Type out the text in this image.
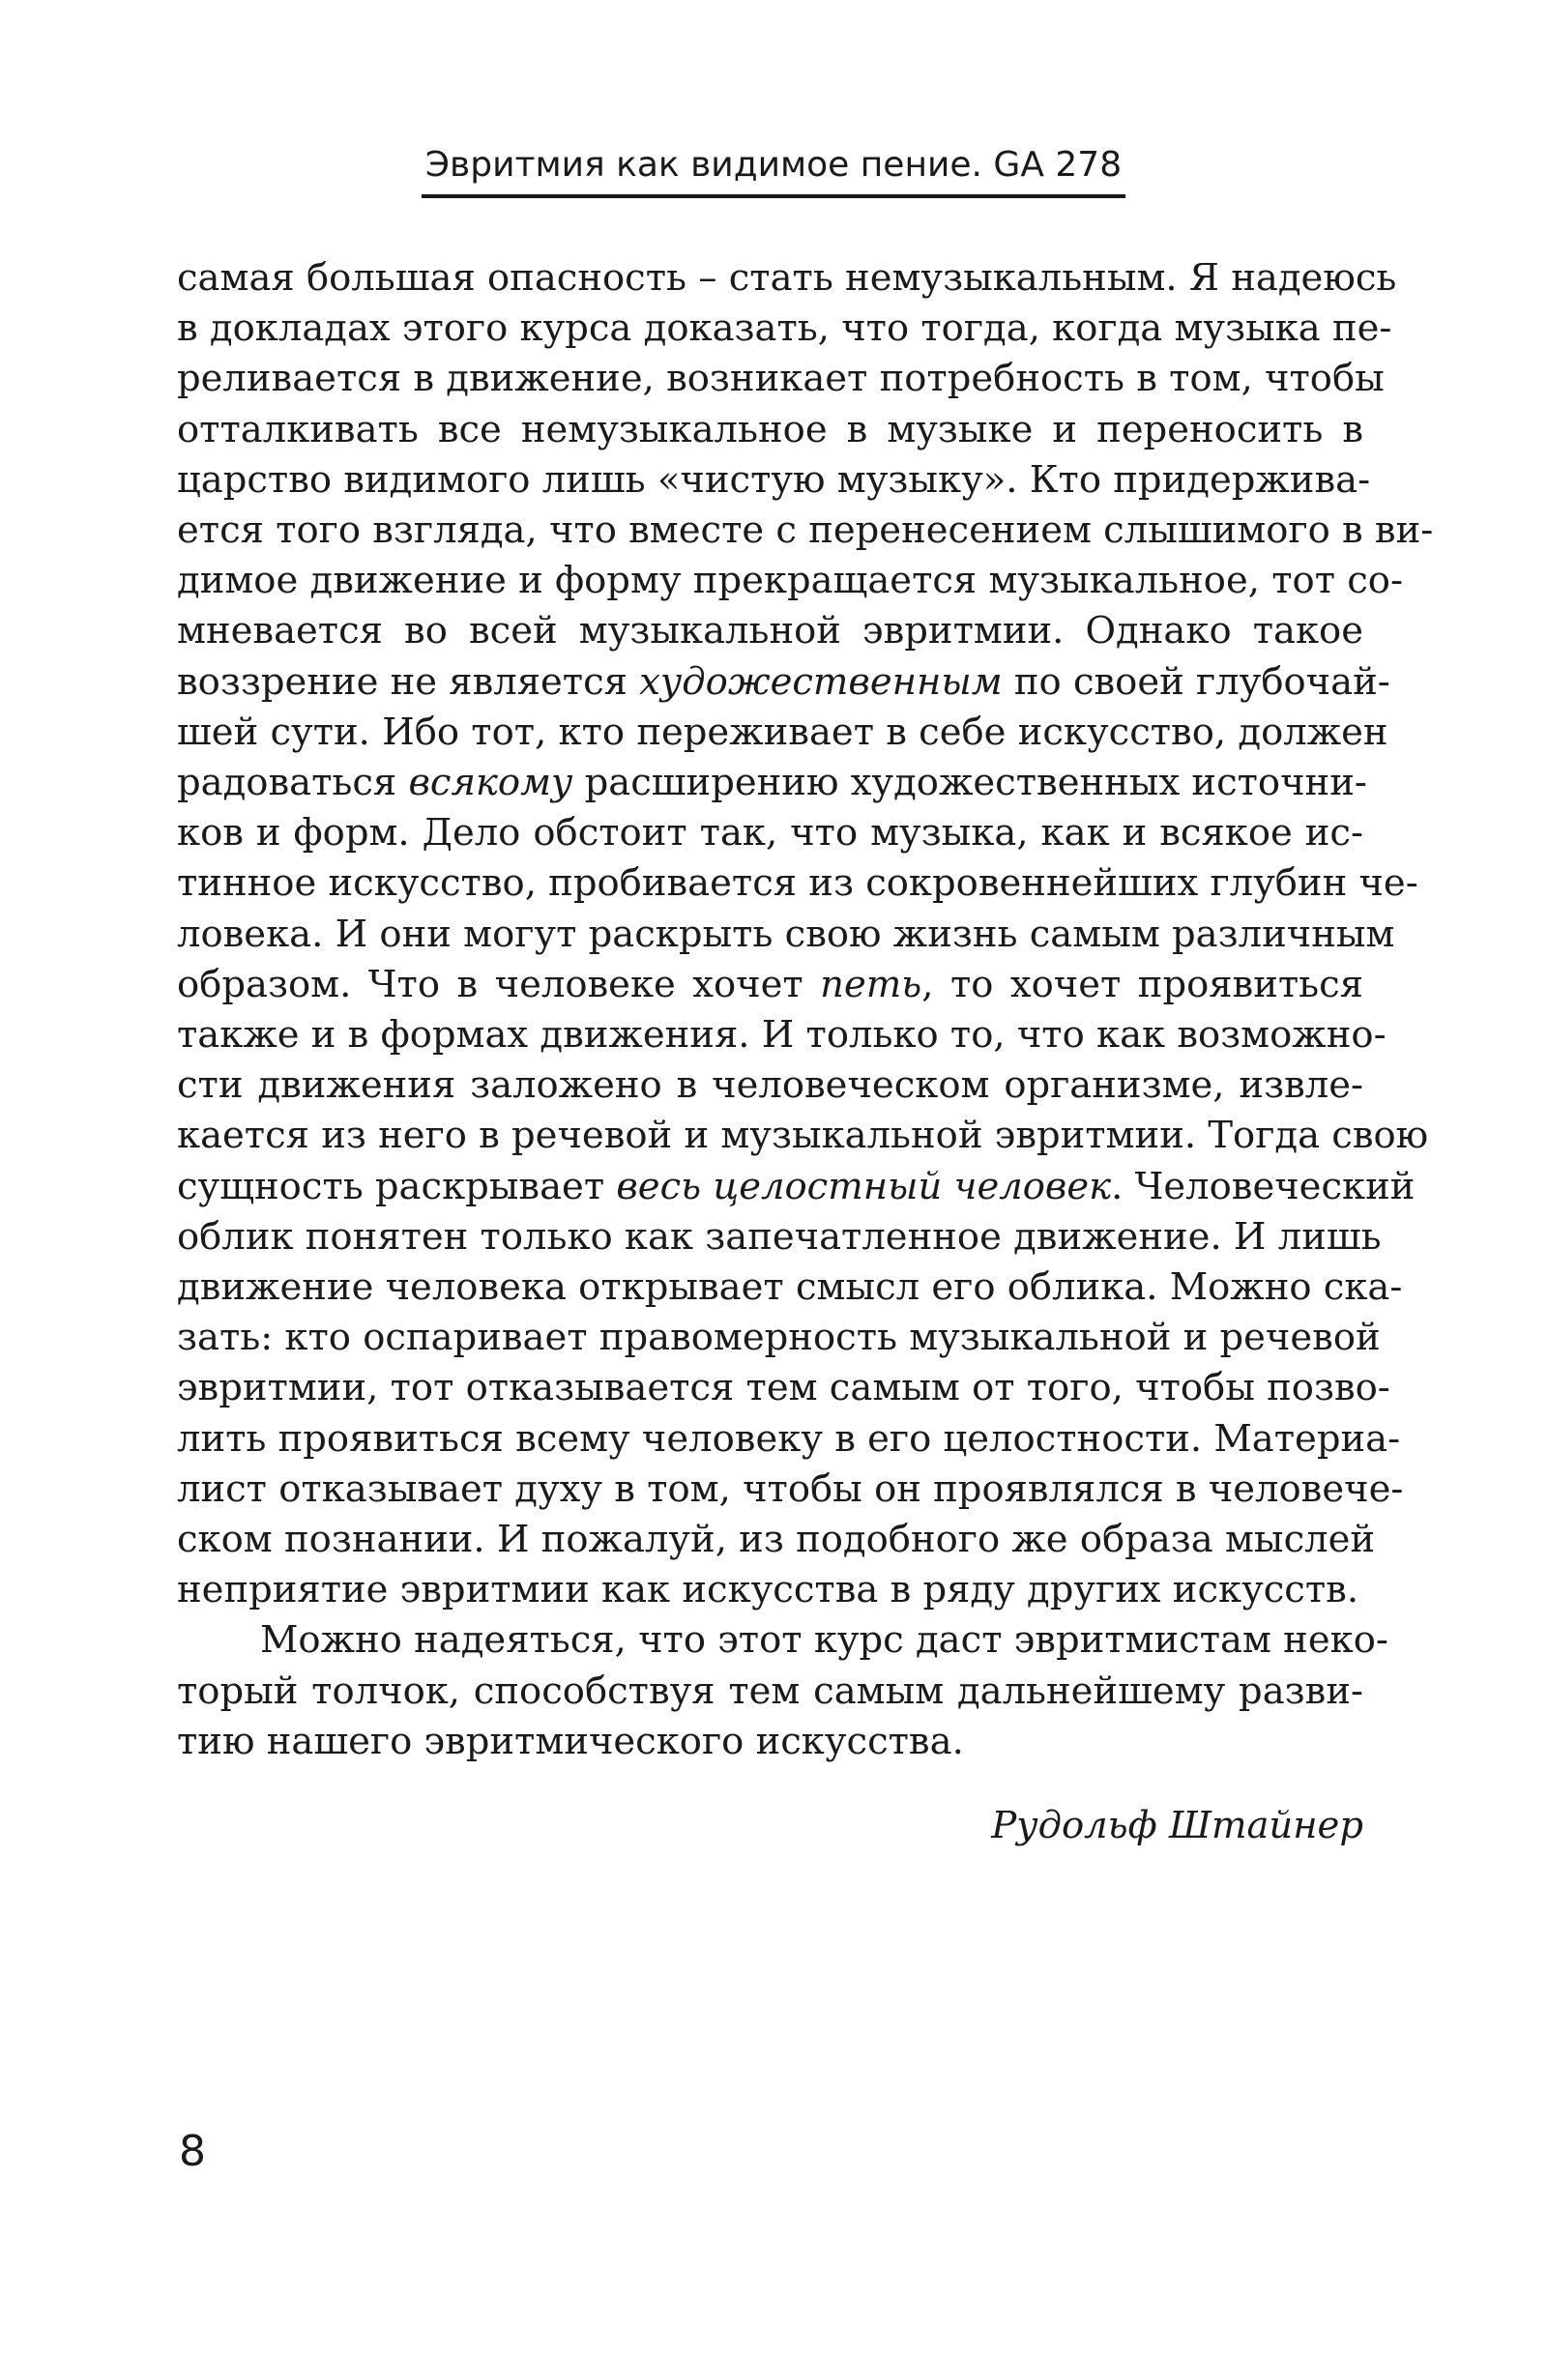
Эвритмия как видимое пение. GA 278
самая большая опасность – стать немузыкальным. Я надеюсь
в докладах этого курса доказать, что тогда, когда музыка пе-
реливается в движение, возникает потребность в том, чтобы
отталкивать все немузыкальное в музыке и переносить в
царство видимого лишь «чистую музыку». Кто придержива-
ется того взгляда, что вместе с перенесением слышимого в ви-
димое движение и форму прекращается музыкальное, тот со-
мневается во всей музыкальной эвритмии. Однако такое
воззрение не является художественным по своей глубочай-
шей сути. Ибо тот, кто переживает в себе искусство, должен
радоваться всякому расширению художественных источни-
ков и форм. Дело обстоит так, что музыка, как и всякое ис-
тинное искусство, пробивается из сокровеннейших глубин че-
ловека. И они могут раскрыть свою жизнь самым различным
образом. Что в человеке хочет петь, то хочет проявиться
также и в формах движения. И только то, что как возможно-
сти движения заложено в человеческом организме, извле-
кается из него в речевой и музыкальной эвритмии. Тогда свою
сущность раскрывает весь целостный человек. Человеческий
облик понятен только как запечатленное движение. И лишь
движение человека открывает смысл его облика. Можно ска-
зать: кто оспаривает правомерность музыкальной и речевой
эвритмии, тот отказывается тем самым от того, чтобы позво-
лить проявиться всему человеку в его целостности. Материа-
лист отказывает духу в том, чтобы он проявлялся в человече-
ском познании. И пожалуй, из подобного же образа мыслей
неприятие эвритмии как искусства в ряду других искусств.
Можно надеяться, что этот курс даст эвритмистам неко-
торый толчок, способствуя тем самым дальнейшему разви-
тию нашего эвритмического искусства.
Рудольф Штайнер
8
